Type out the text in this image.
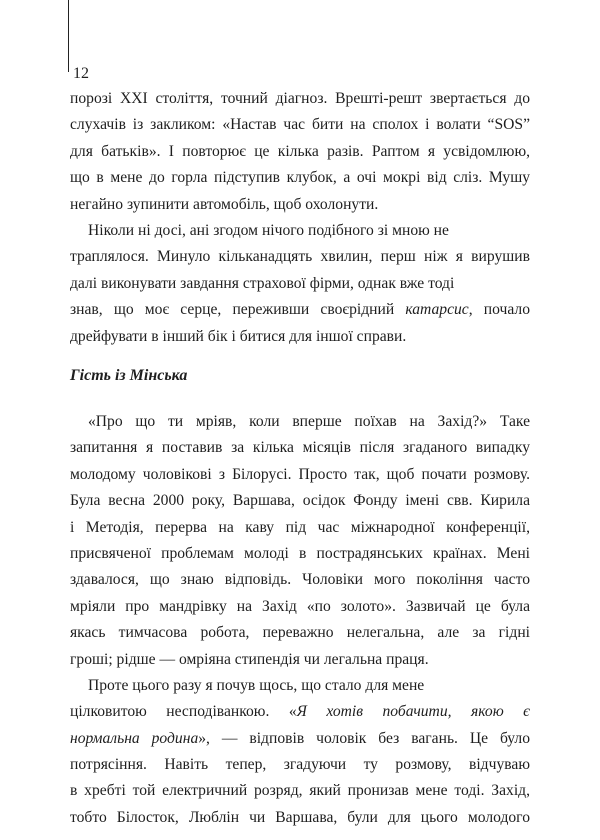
12
порозі XXI століття, точний діагноз. Врешті-решт звертається до
слухачів із закликом: «Настав час бити на сполох і волати “SOS”
для батьків». І повторює це кілька разів. Раптом я усвідомлюю,
що в мене до горла підступив клубок, а очі мокрі від сліз. Мушу
негайно зупинити автомобіль, щоб охолонути.
Ніколи ні досі, ані згодом нічого подібного зі мною не
траплялося. Минуло кільканадцять хвилин, перш ніж я вирушив
далі виконувати завдання страхової фірми, однак вже тоді
знав, що моє серце, переживши своєрідний катарсис, почало
дрейфувати в інший бік і битися для іншої справи.
Гість із Мінська
«Про що ти мріяв, коли вперше поїхав на Захід?» Таке
запитання я поставив за кілька місяців після згаданого випадку
молодому чоловікові з Білорусі. Просто так, щоб почати розмову.
Була весна 2000 року, Варшава, осідок Фонду імені свв. Кирила
і Методія, перерва на каву під час міжнародної конференції,
присвяченої проблемам молоді в пострадянських країнах. Мені
здавалося, що знаю відповідь. Чоловіки мого покоління часто
мріяли про мандрівку на Захід «по золото». Зазвичай це була
якась тимчасова робота, переважно нелегальна, але за гідні
гроші; рідше — омріяна стипендія чи легальна праця.
Проте цього разу я почув щось, що стало для мене
цілковитою несподіванкою. «Я хотів побачити, якою є
нормальна родина», — відповів чоловік без вагань. Це було
потрясіння. Навіть тепер, згадуючи ту розмову, відчуваю
в хребті той електричний розряд, який пронизав мене тоді. Захід,
тобто Білосток, Люблін чи Варшава, були для цього молодого
